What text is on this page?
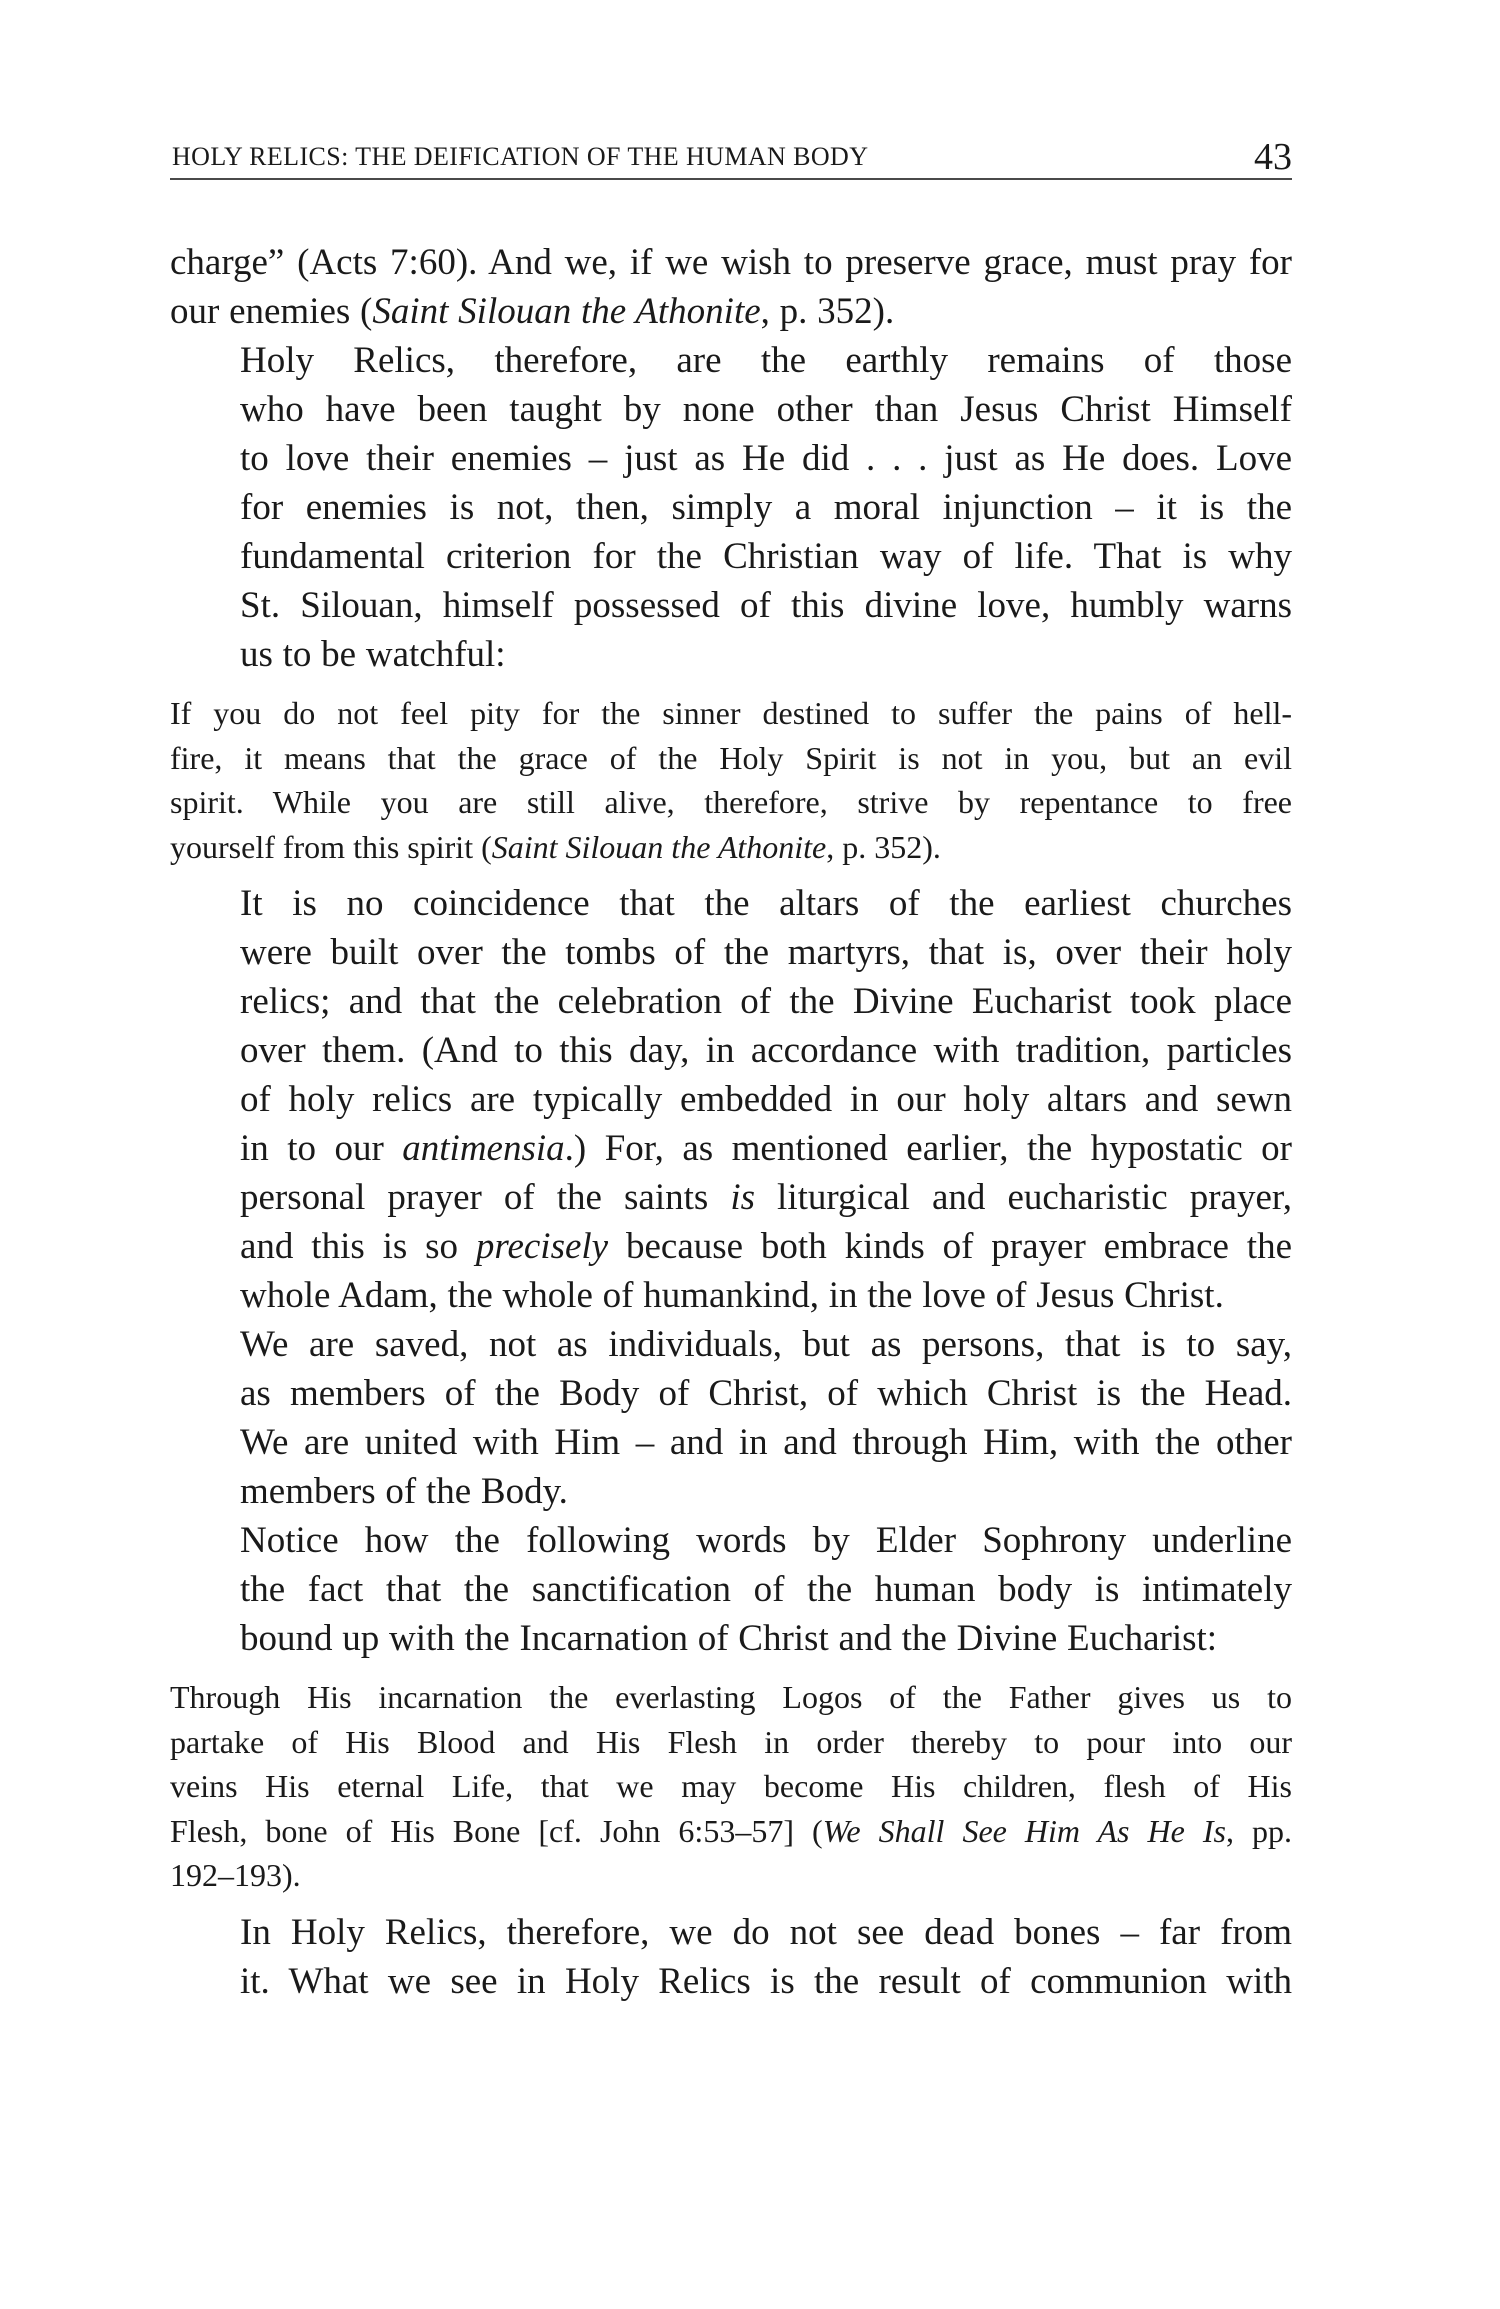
HOLY RELICS: THE DEIFICATION OF THE HUMAN BODY	43
charge” (Acts 7:60). And we, if we wish to preserve grace, must pray for
our enemies (Saint Silouan the Athonite, p. 352).
Holy Relics, therefore, are the earthly remains of those
who have been taught by none other than Jesus Christ Himself
to love their enemies – just as He did . . . just as He does. Love
for enemies is not, then, simply a moral injunction – it is the
fundamental criterion for the Christian way of life. That is why
St. Silouan, himself possessed of this divine love, humbly warns
us to be watchful:
If you do not feel pity for the sinner destined to suffer the pains of hell-
fire, it means that the grace of the Holy Spirit is not in you, but an evil
spirit. While you are still alive, therefore, strive by repentance to free
yourself from this spirit (Saint Silouan the Athonite, p. 352).
It is no coincidence that the altars of the earliest churches
were built over the tombs of the martyrs, that is, over their holy
relics; and that the celebration of the Divine Eucharist took place
over them. (And to this day, in accordance with tradition, particles
of holy relics are typically embedded in our holy altars and sewn
in to our antimensia.) For, as mentioned earlier, the hypostatic or
personal prayer of the saints is liturgical and eucharistic prayer,
and this is so precisely because both kinds of prayer embrace the
whole Adam, the whole of humankind, in the love of Jesus Christ.
We are saved, not as individuals, but as persons, that is to say,
as members of the Body of Christ, of which Christ is the Head.
We are united with Him – and in and through Him, with the other
members of the Body.
Notice how the following words by Elder Sophrony underline
the fact that the sanctification of the human body is intimately
bound up with the Incarnation of Christ and the Divine Eucharist:
Through His incarnation the everlasting Logos of the Father gives us to
partake of His Blood and His Flesh in order thereby to pour into our
veins His eternal Life, that we may become His children, flesh of His
Flesh, bone of His Bone [cf. John 6:53–57] (We Shall See Him As He Is, pp.
192–193).
In Holy Relics, therefore, we do not see dead bones – far from
it. What we see in Holy Relics is the result of communion with
